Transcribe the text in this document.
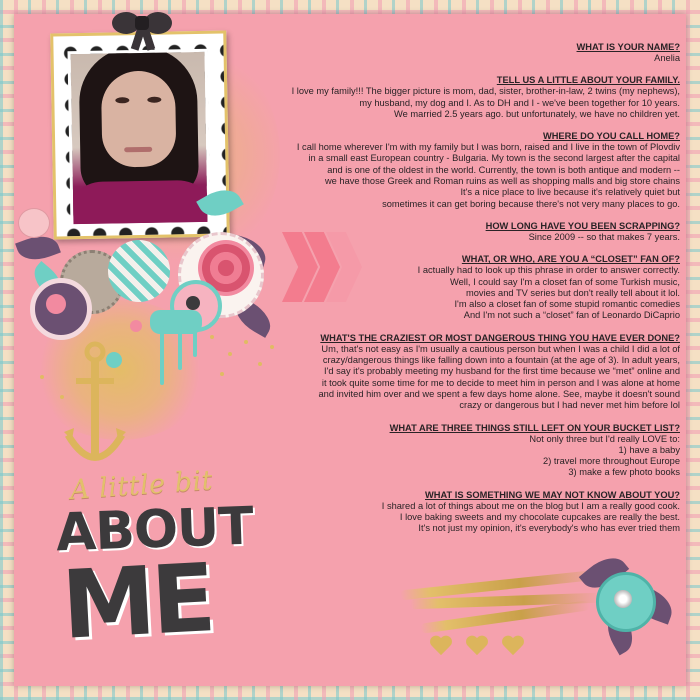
A little bit
ABOUT
ME
WHAT IS YOUR NAME?
Anelia
TELL US A LITTLE ABOUT YOUR FAMILY.
I love my family!!! The bigger picture is mom, dad, sister, brother-in-law, 2 twins (my nephews),
my husband, my dog and I. As to DH and I - we've been together for 10 years.
We married 2.5 years ago. but unfortunately, we have no children yet.
WHERE DO YOU CALL HOME?
I call home wherever I'm with my family but I was born, raised and I live in the town of Plovdiv
in a small east European country - Bulgaria. My town is the second largest after the capital
and is one of the oldest in the world. Currently, the town is both antique and modern --
we have those Greek and Roman ruins as well as shopping malls and big store chains
It's a nice place to live because it's relatively quiet but
sometimes it can get boring because there's not very many places to go.
HOW LONG HAVE YOU BEEN SCRAPPING?
Since 2009 -- so that makes 7 years.
WHAT, OR WHO, ARE YOU A “CLOSET” FAN OF?
I actually had to look up this phrase in order to answer correctly.
Well, I could say I'm a closet fan of some Turkish music,
movies and TV series but don't really tell about it lol.
I'm also a closet fan of some stupid romantic comedies
And I'm not such a “closet” fan of Leonardo DiCaprio
WHAT'S THE CRAZIEST OR MOST DANGEROUS THING YOU HAVE EVER DONE?
Um, that's not easy as I'm usually a cautious person but when I was a child I did a lot of
crazy/dangerous things like falling down into a fountain (at the age of 3). In adult years,
I'd say it's probably meeting my husband for the first time because we “met” online and
it took quite some time for me to decide to meet him in person and I was alone at home
and invited him over and we spent a few days home alone. See, maybe it doesn't sound
crazy or dangerous but I had never met him before lol
WHAT ARE THREE THINGS STILL LEFT ON YOUR BUCKET LIST?
Not only three but I'd really LOVE to:
1) have a baby
2) travel more throughout Europe
3) make a few photo books
WHAT IS SOMETHING WE MAY NOT KNOW ABOUT YOU?
I shared a lot of things about me on the blog but I am a really good cook.
I love baking sweets and my chocolate cupcakes are really the best.
It's not just my opinion, it's everybody's who has ever tried them
